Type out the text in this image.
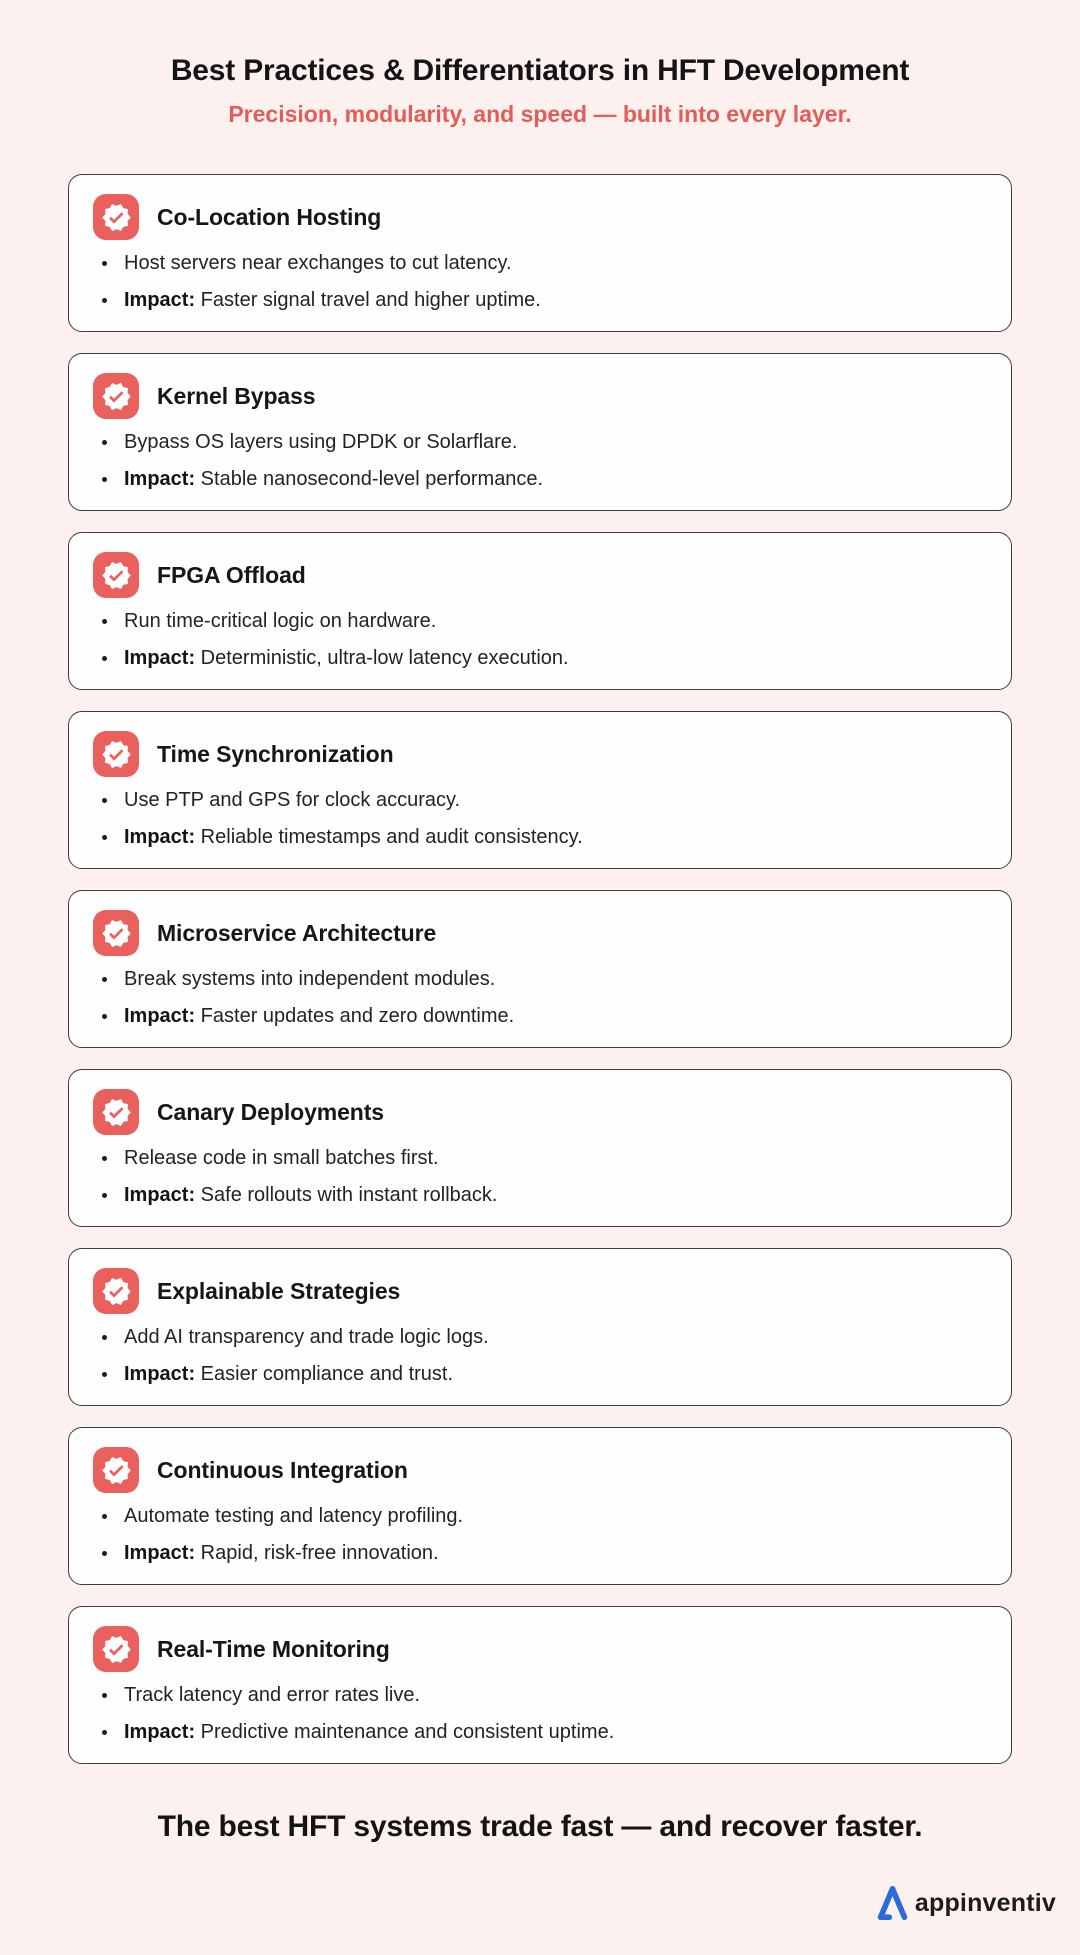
Best Practices & Differentiators in HFT Development
Precision, modularity, and speed — built into every layer.
Co-Location Hosting
Host servers near exchanges to cut latency.
Impact: Faster signal travel and higher uptime.
Kernel Bypass
Bypass OS layers using DPDK or Solarflare.
Impact: Stable nanosecond-level performance.
FPGA Offload
Run time-critical logic on hardware.
Impact: Deterministic, ultra-low latency execution.
Time Synchronization
Use PTP and GPS for clock accuracy.
Impact: Reliable timestamps and audit consistency.
Microservice Architecture
Break systems into independent modules.
Impact: Faster updates and zero downtime.
Canary Deployments
Release code in small batches first.
Impact: Safe rollouts with instant rollback.
Explainable Strategies
Add AI transparency and trade logic logs.
Impact: Easier compliance and trust.
Continuous Integration
Automate testing and latency profiling.
Impact: Rapid, risk-free innovation.
Real-Time Monitoring
Track latency and error rates live.
Impact: Predictive maintenance and consistent uptime.
The best HFT systems trade fast — and recover faster.
appinventiv
